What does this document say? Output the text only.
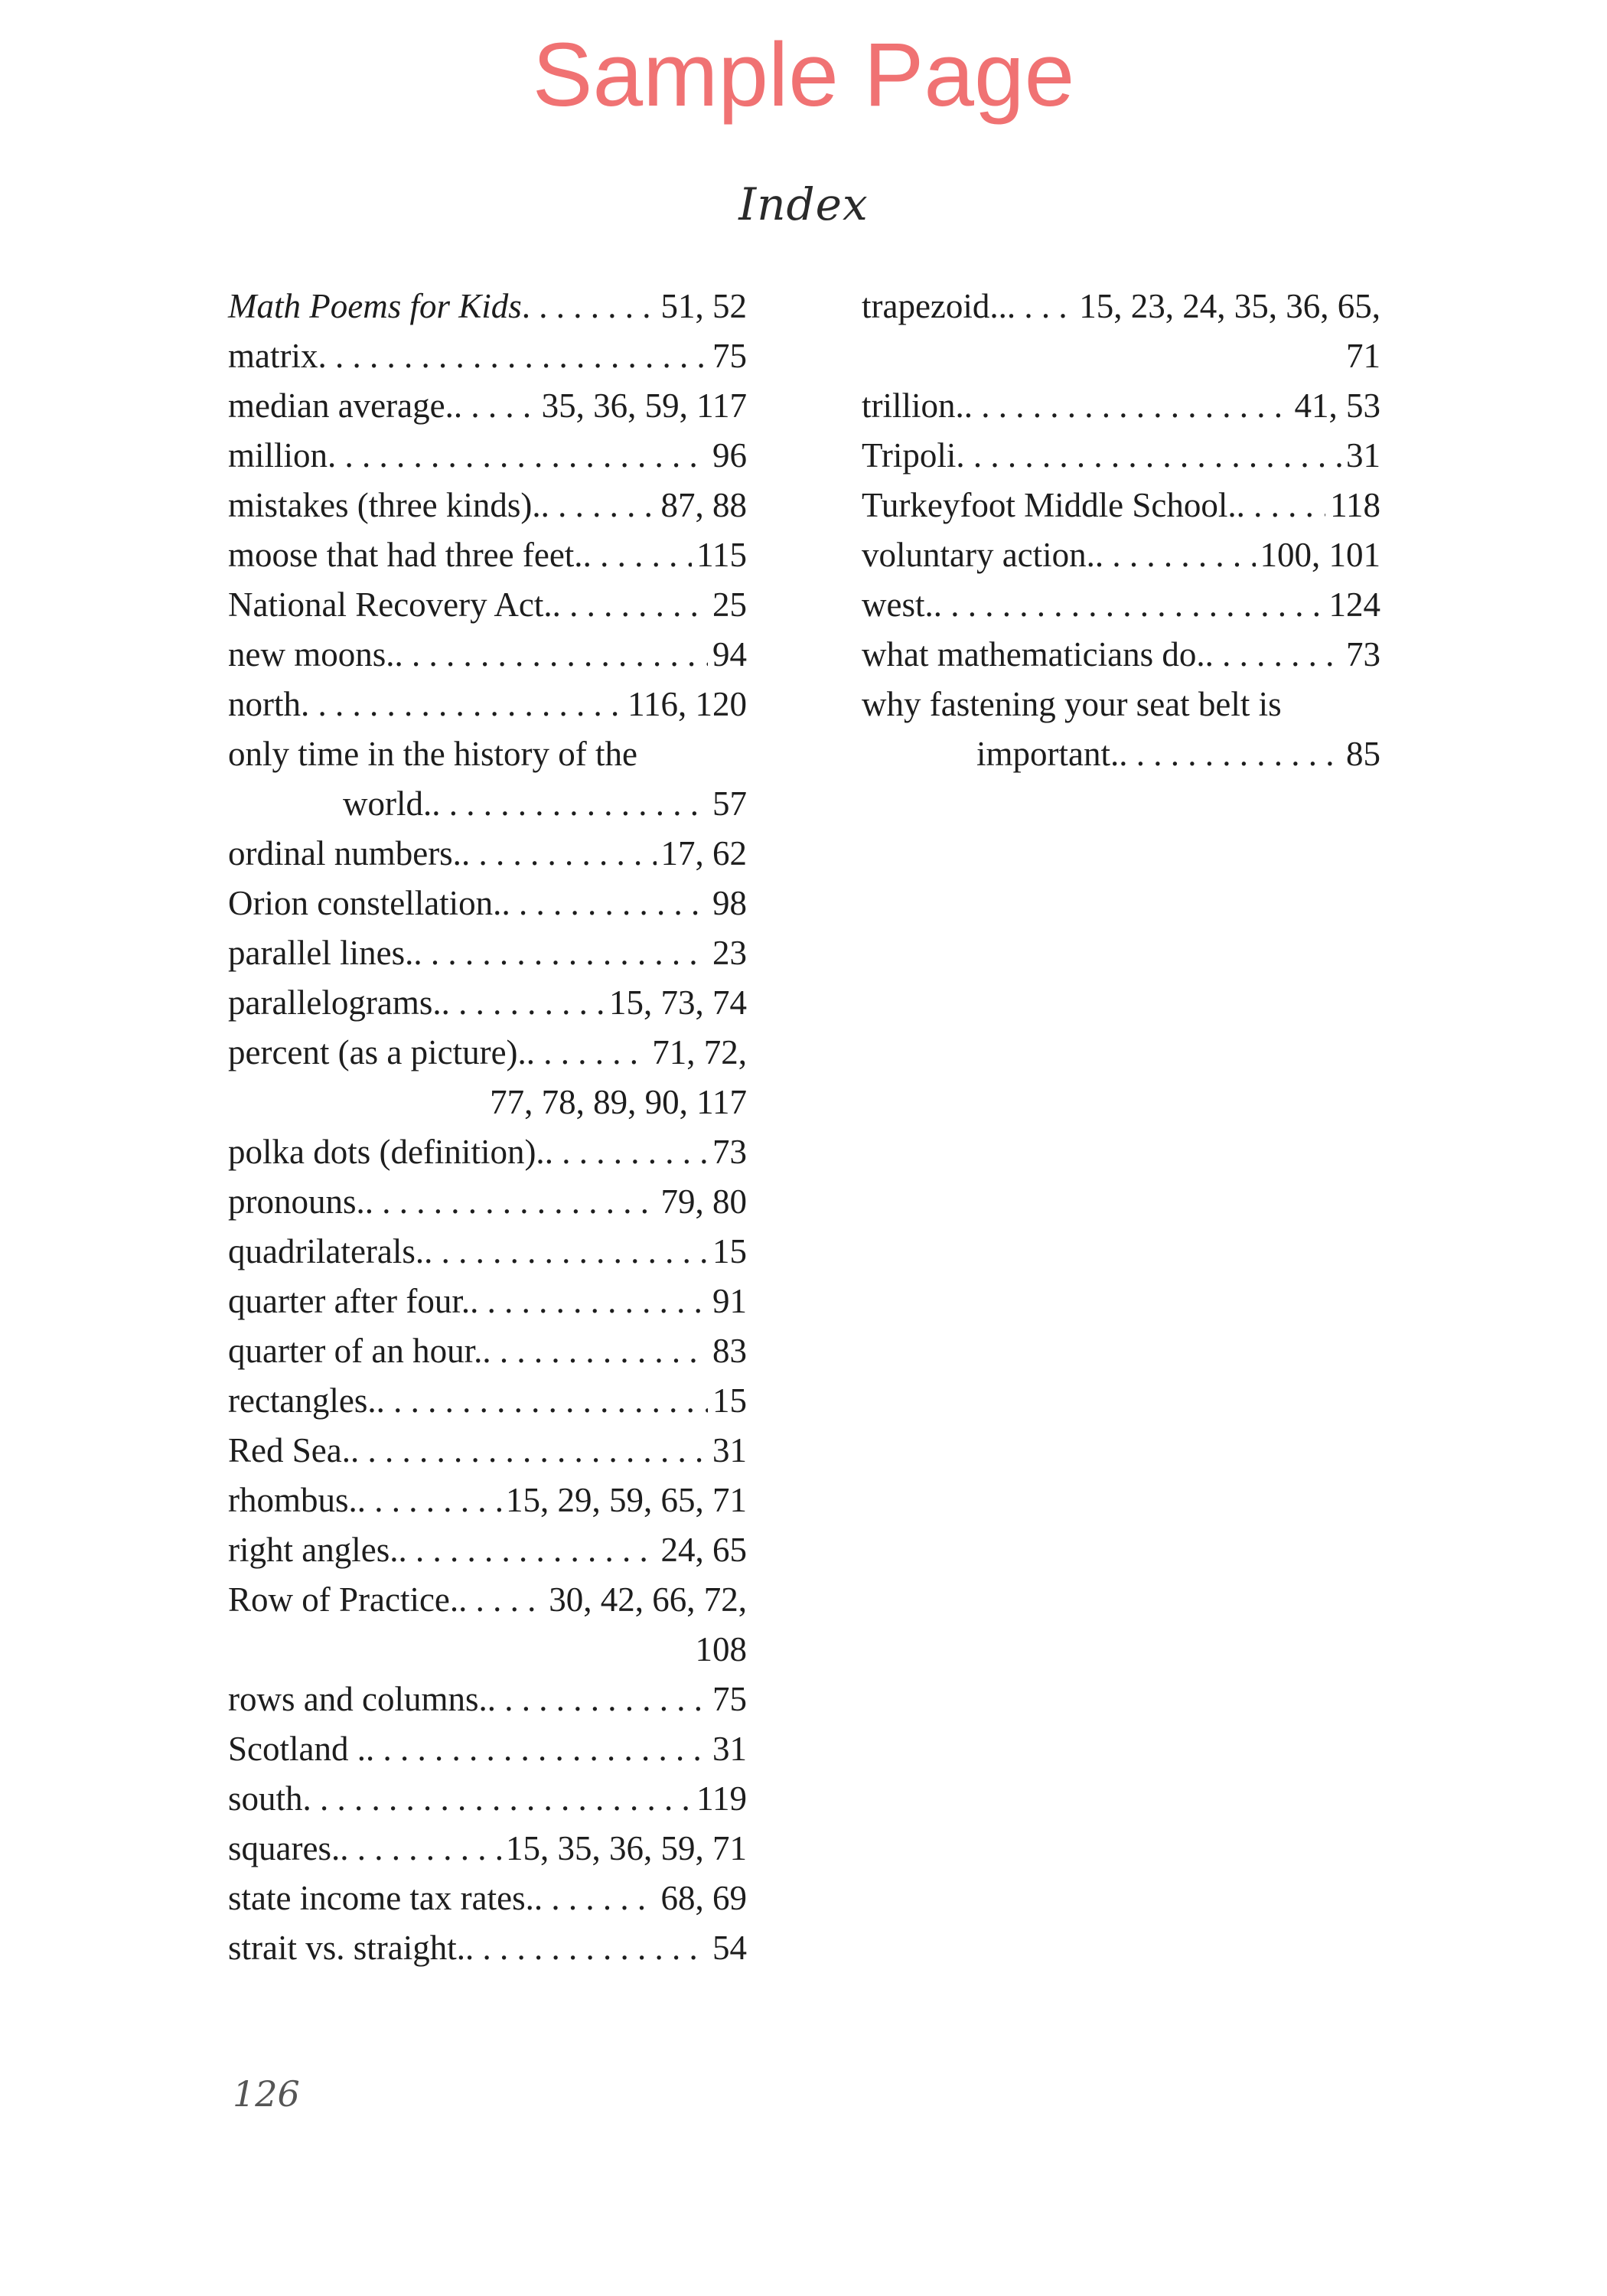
Sample Page
Index
Math Poems for Kids . . .	51, 52
matrix . . .	75
median average. . . .	35, 36, 59, 117
million . . .	96
mistakes (three kinds). . . .	87, 88
moose that had three feet. . . .	115
National Recovery Act. . . .	25
new moons. . . .	94
north . . .	116, 120
only time in the history of the
world. . . .	57
ordinal numbers. . . .	17, 62
Orion constellation. . . .	98
parallel lines. . . .	23
parallelograms. . . .	15, 73, 74
percent (as a picture). . . .	71, 72,
77, 78, 89, 90, 117
polka dots (definition). . . .	73
pronouns. . . .	79, 80
quadrilaterals. . . .	15
quarter after four. . . .	91
quarter of an hour. . . .	83
rectangles. . . .	15
Red Sea. . . .	31
rhombus. . . .	15, 29, 59, 65, 71
right angles. . . .	24, 65
Row of Practice. . . .	30, 42, 66, 72,
108
rows and columns. . . .	75
Scotland . . . .	31
south . . .	119
squares. . . .	15, 35, 36, 59, 71
state income tax rates. . . .	68, 69
strait vs. straight. . . .	54
trapezoid.. . . . 15, 23, 24, 35, 36, 65,
71
trillion. . . .	41, 53
Tripoli . . .	31
Turkeyfoot Middle School. . . .	118
voluntary action. . . .	100, 101
west. . . .	124
what mathematicians do. . . .	73
why fastening your seat belt is
important. . . .	85
126
